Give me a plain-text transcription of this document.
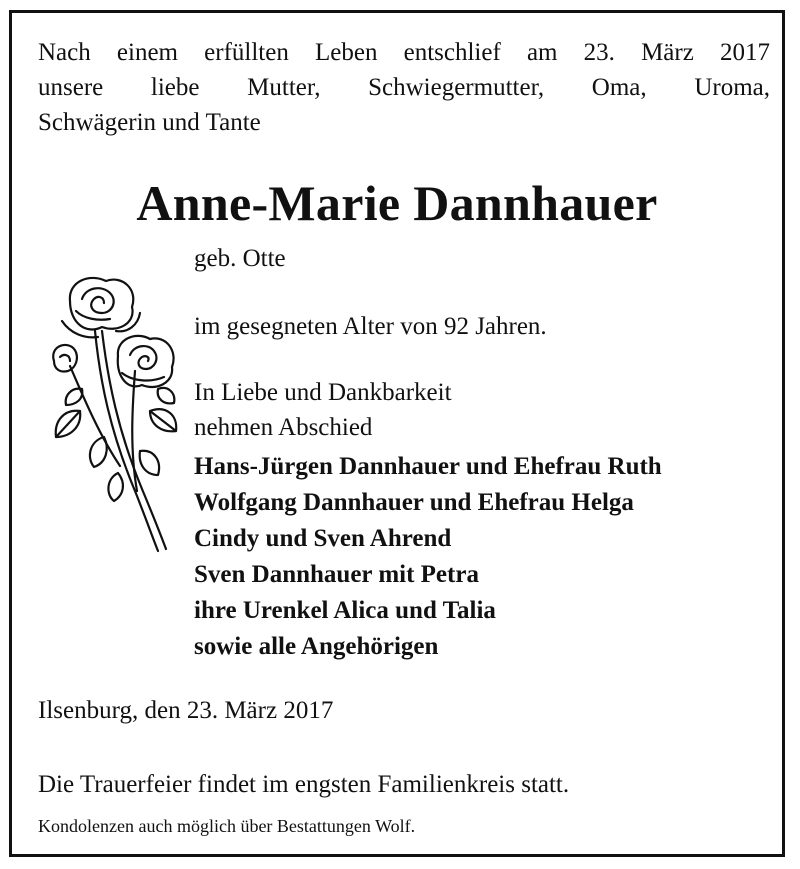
Nach einem erfüllten Leben entschlief am 23. März 2017
unsere liebe Mutter, Schwiegermutter, Oma, Uroma,
Schwägerin und Tante
Anne-Marie Dannhauer
geb. Otte
im gesegneten Alter von 92 Jahren.
In Liebe und Dankbarkeit
nehmen Abschied
Hans-Jürgen Dannhauer und Ehefrau Ruth
Wolfgang Dannhauer und Ehefrau Helga
Cindy und Sven Ahrend
Sven Dannhauer mit Petra
ihre Urenkel Alica und Talia
sowie alle Angehörigen
Ilsenburg, den 23. März 2017
Die Trauerfeier findet im engsten Familienkreis statt.
Kondolenzen auch möglich über Bestattungen Wolf.
